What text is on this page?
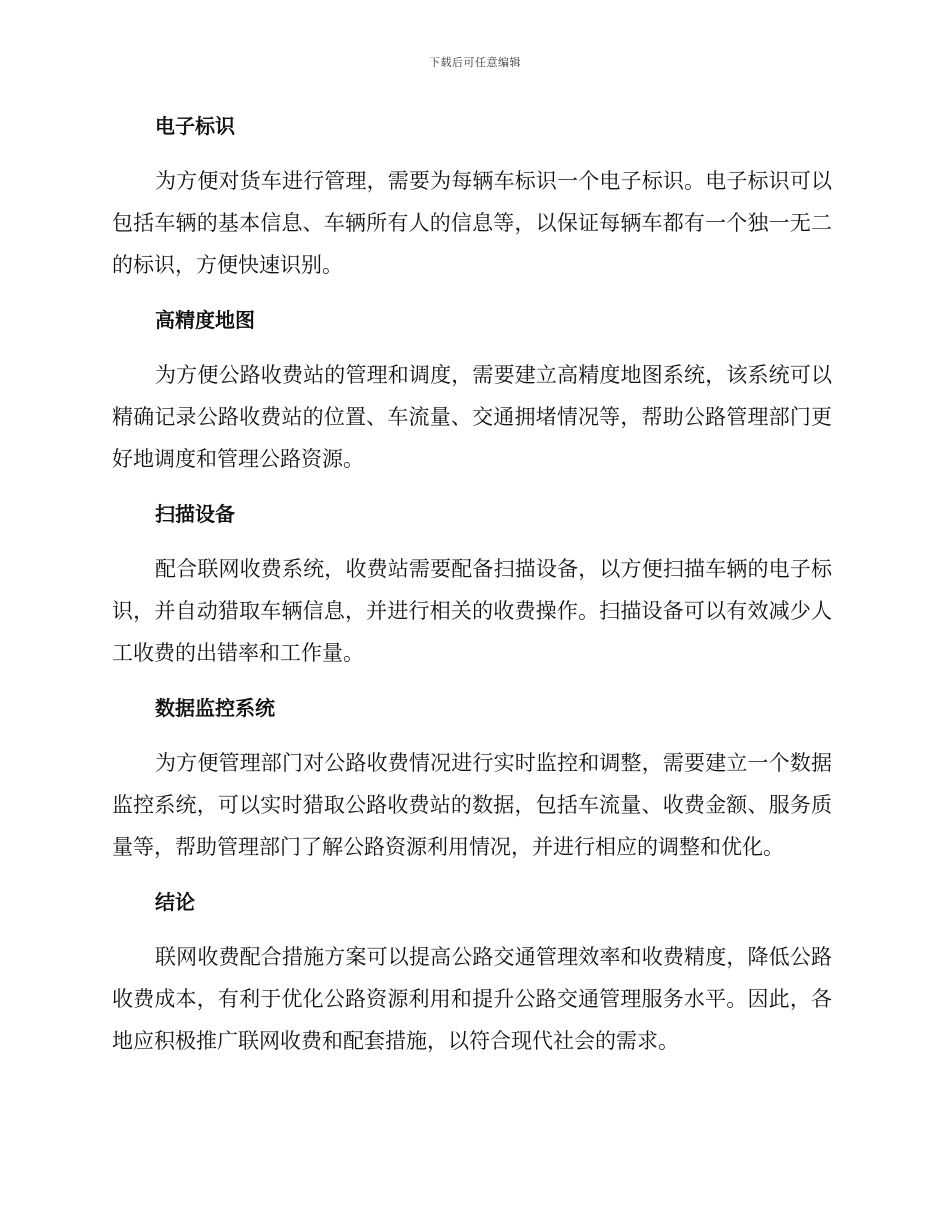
下载后可任意编辑
电子标识

为方便对货车进行管理，需要为每辆车标识一个电子标识。电子标识可以包括车辆的基本信息、车辆所有人的信息等，以保证每辆车都有一个独一无二的标识，方便快速识别。

高精度地图

为方便公路收费站的管理和调度，需要建立高精度地图系统，该系统可以精确记录公路收费站的位置、车流量、交通拥堵情况等，帮助公路管理部门更好地调度和管理公路资源。

扫描设备

配合联网收费系统，收费站需要配备扫描设备，以方便扫描车辆的电子标识，并自动猎取车辆信息，并进行相关的收费操作。扫描设备可以有效减少人工收费的出错率和工作量。

数据监控系统

为方便管理部门对公路收费情况进行实时监控和调整，需要建立一个数据监控系统，可以实时猎取公路收费站的数据，包括车流量、收费金额、服务质量等，帮助管理部门了解公路资源利用情况，并进行相应的调整和优化。

结论

联网收费配合措施方案可以提高公路交通管理效率和收费精度，降低公路收费成本，有利于优化公路资源利用和提升公路交通管理服务水平。因此，各地应积极推广联网收费和配套措施，以符合现代社会的需求。
